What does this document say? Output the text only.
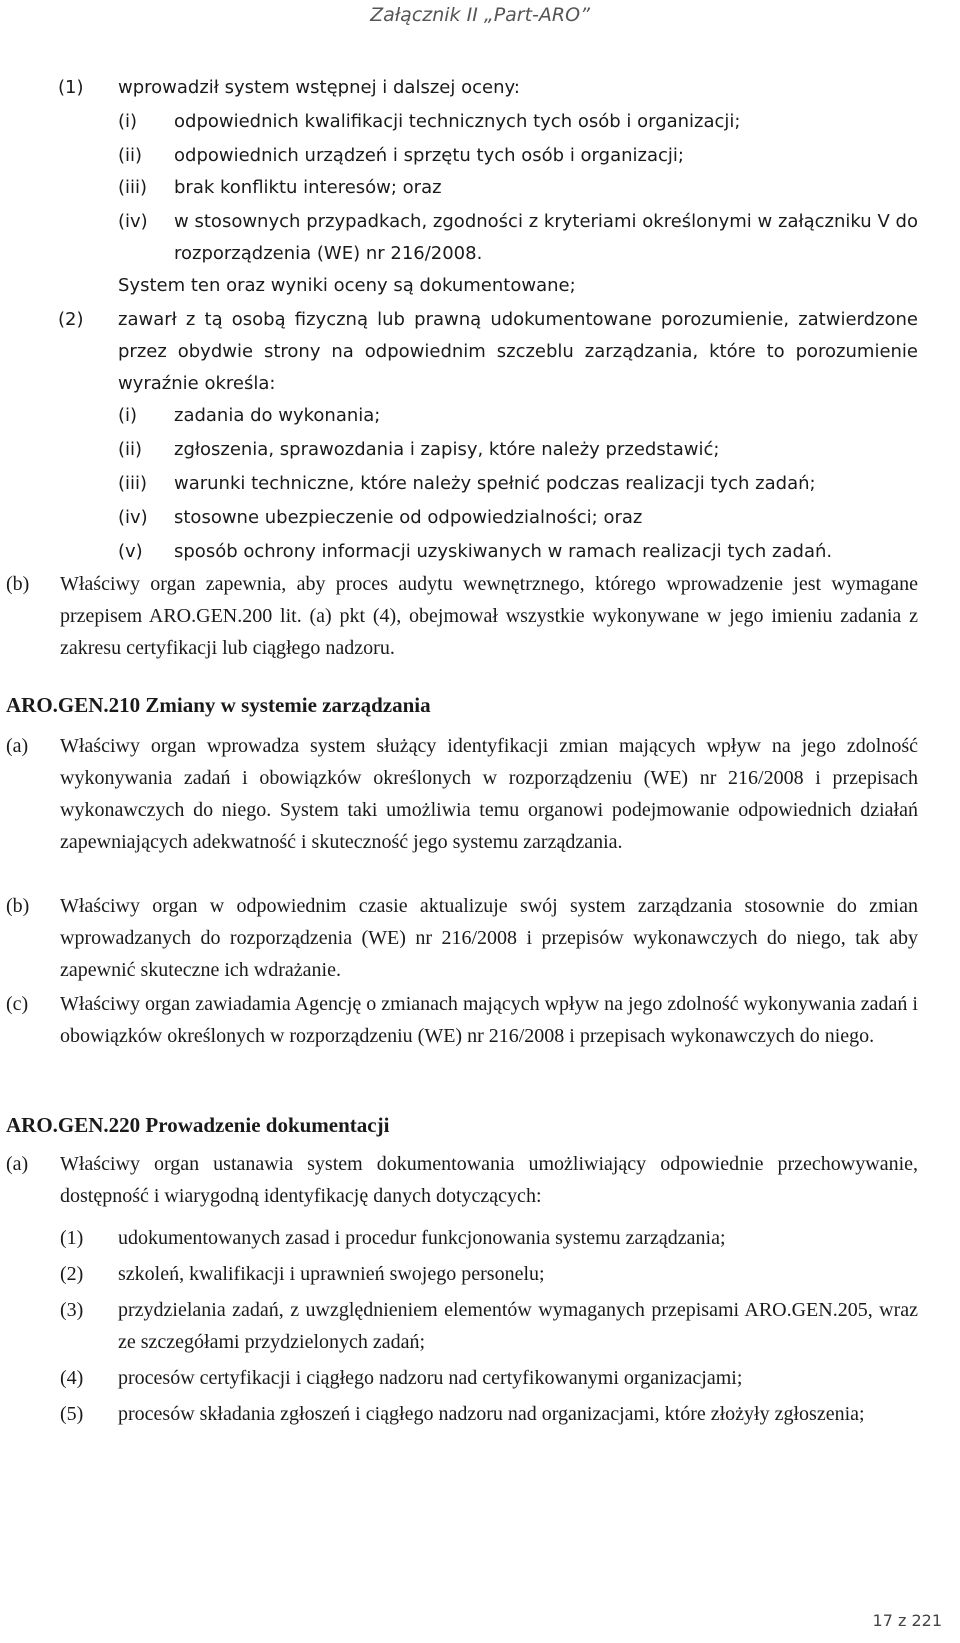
Załącznik II „Part-ARO”
(1)	wprowadził system wstępnej i dalszej oceny:
(i)	odpowiednich kwalifikacji technicznych tych osób i organizacji;
(ii)	odpowiednich urządzeń i sprzętu tych osób i organizacji;
(iii)	brak konfliktu interesów; oraz
(iv)	w stosownych przypadkach, zgodności z kryteriami określonymi w załączniku V do rozporządzenia (WE) nr 216/2008.
System ten oraz wyniki oceny są dokumentowane;
(2)	zawarł z tą osobą fizyczną lub prawną udokumentowane porozumienie, zatwierdzone przez obydwie strony na odpowiednim szczeblu zarządzania, które to porozumienie wyraźnie określa:
(i)	zadania do wykonania;
(ii)	zgłoszenia, sprawozdania i zapisy, które należy przedstawić;
(iii)	warunki techniczne, które należy spełnić podczas realizacji tych zadań;
(iv)	stosowne ubezpieczenie od odpowiedzialności; oraz
(v)	sposób ochrony informacji uzyskiwanych w ramach realizacji tych zadań.
(b)	Właściwy organ zapewnia, aby proces audytu wewnętrznego, którego wprowadzenie jest wymagane przepisem ARO.GEN.200 lit. (a) pkt (4), obejmował wszystkie wykonywane w jego imieniu zadania z zakresu certyfikacji lub ciągłego nadzoru.
ARO.GEN.210 Zmiany w systemie zarządzania
(a)	Właściwy organ wprowadza system służący identyfikacji zmian mających wpływ na jego zdolność wykonywania zadań i obowiązków określonych w rozporządzeniu (WE) nr 216/2008 i przepisach wykonawczych do niego. System taki umożliwia temu organowi podejmowanie odpowiednich działań zapewniających adekwatność i skuteczność jego systemu zarządzania.
(b)	Właściwy organ w odpowiednim czasie aktualizuje swój system zarządzania stosownie do zmian wprowadzanych do rozporządzenia (WE) nr 216/2008 i przepisów wykonawczych do niego, tak aby zapewnić skuteczne ich wdrażanie.
(c)	Właściwy organ zawiadamia Agencję o zmianach mających wpływ na jego zdolność wykonywania zadań i obowiązków określonych w rozporządzeniu (WE) nr 216/2008 i przepisach wykonawczych do niego.
ARO.GEN.220 Prowadzenie dokumentacji
(a)	Właściwy organ ustanawia system dokumentowania umożliwiający odpowiednie przechowywanie, dostępność i wiarygodną identyfikację danych dotyczących:
(1)	udokumentowanych zasad i procedur funkcjonowania systemu zarządzania;
(2)	szkoleń, kwalifikacji i uprawnień swojego personelu;
(3)	przydzielania zadań, z uwzględnieniem elementów wymaganych przepisami ARO.GEN.205, wraz ze szczegółami przydzielonych zadań;
(4)	procesów certyfikacji i ciągłego nadzoru nad certyfikowanymi organizacjami;
(5)	procesów składania zgłoszeń i ciągłego nadzoru nad organizacjami, które złożyły zgłoszenia;
17 z 221
